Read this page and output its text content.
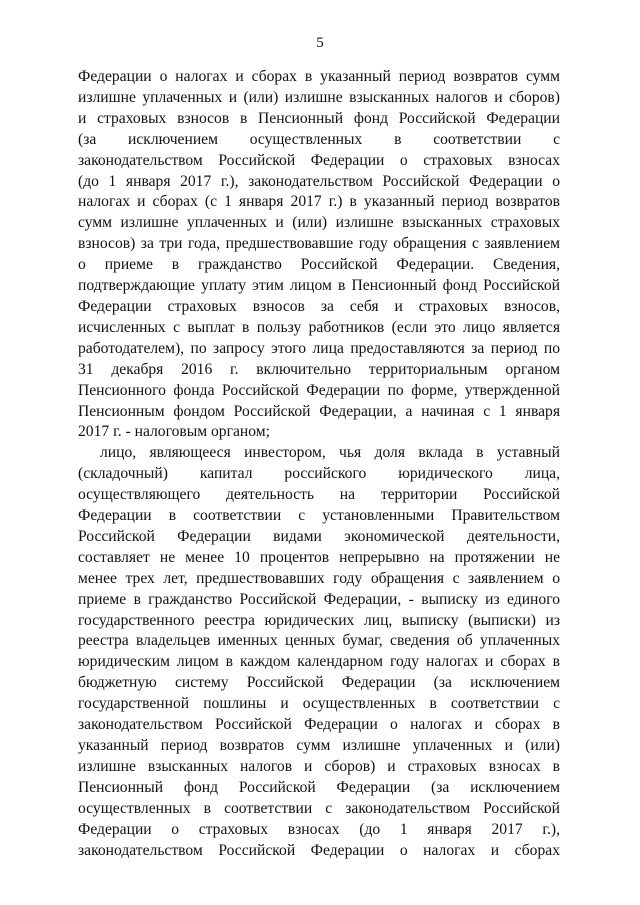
5
Федерации о налогах и сборах в указанный период возвратов сумм
излишне уплаченных и (или) излишне взысканных налогов и сборов)
и страховых взносов в Пенсионный фонд Российской Федерации
(за исключением осуществленных в соответствии с
законодательством Российской Федерации о страховых взносах
(до 1 января 2017 г.), законодательством Российской Федерации о
налогах и сборах (с 1 января 2017 г.) в указанный период возвратов
сумм излишне уплаченных и (или) излишне взысканных страховых
взносов) за три года, предшествовавшие году обращения с заявлением
о приеме в гражданство Российской Федерации. Сведения,
подтверждающие уплату этим лицом в Пенсионный фонд Российской
Федерации страховых взносов за себя и страховых взносов,
исчисленных с выплат в пользу работников (если это лицо является
работодателем), по запросу этого лица предоставляются за период по
31 декабря 2016 г. включительно территориальным органом
Пенсионного фонда Российской Федерации по форме, утвержденной
Пенсионным фондом Российской Федерации, а начиная с 1 января
2017 г. - налоговым органом;
лицо, являющееся инвестором, чья доля вклада в уставный
(складочный) капитал российского юридического лица,
осуществляющего деятельность на территории Российской
Федерации в соответствии с установленными Правительством
Российской Федерации видами экономической деятельности,
составляет не менее 10 процентов непрерывно на протяжении не
менее трех лет, предшествовавших году обращения с заявлением о
приеме в гражданство Российской Федерации, - выписку из единого
государственного реестра юридических лиц, выписку (выписки) из
реестра владельцев именных ценных бумаг, сведения об уплаченных
юридическим лицом в каждом календарном году налогах и сборах в
бюджетную систему Российской Федерации (за исключением
государственной пошлины и осуществленных в соответствии с
законодательством Российской Федерации о налогах и сборах в
указанный период возвратов сумм излишне уплаченных и (или)
излишне взысканных налогов и сборов) и страховых взносах в
Пенсионный фонд Российской Федерации (за исключением
осуществленных в соответствии с законодательством Российской
Федерации о страховых взносах (до 1 января 2017 г.),
законодательством Российской Федерации о налогах и сборах
